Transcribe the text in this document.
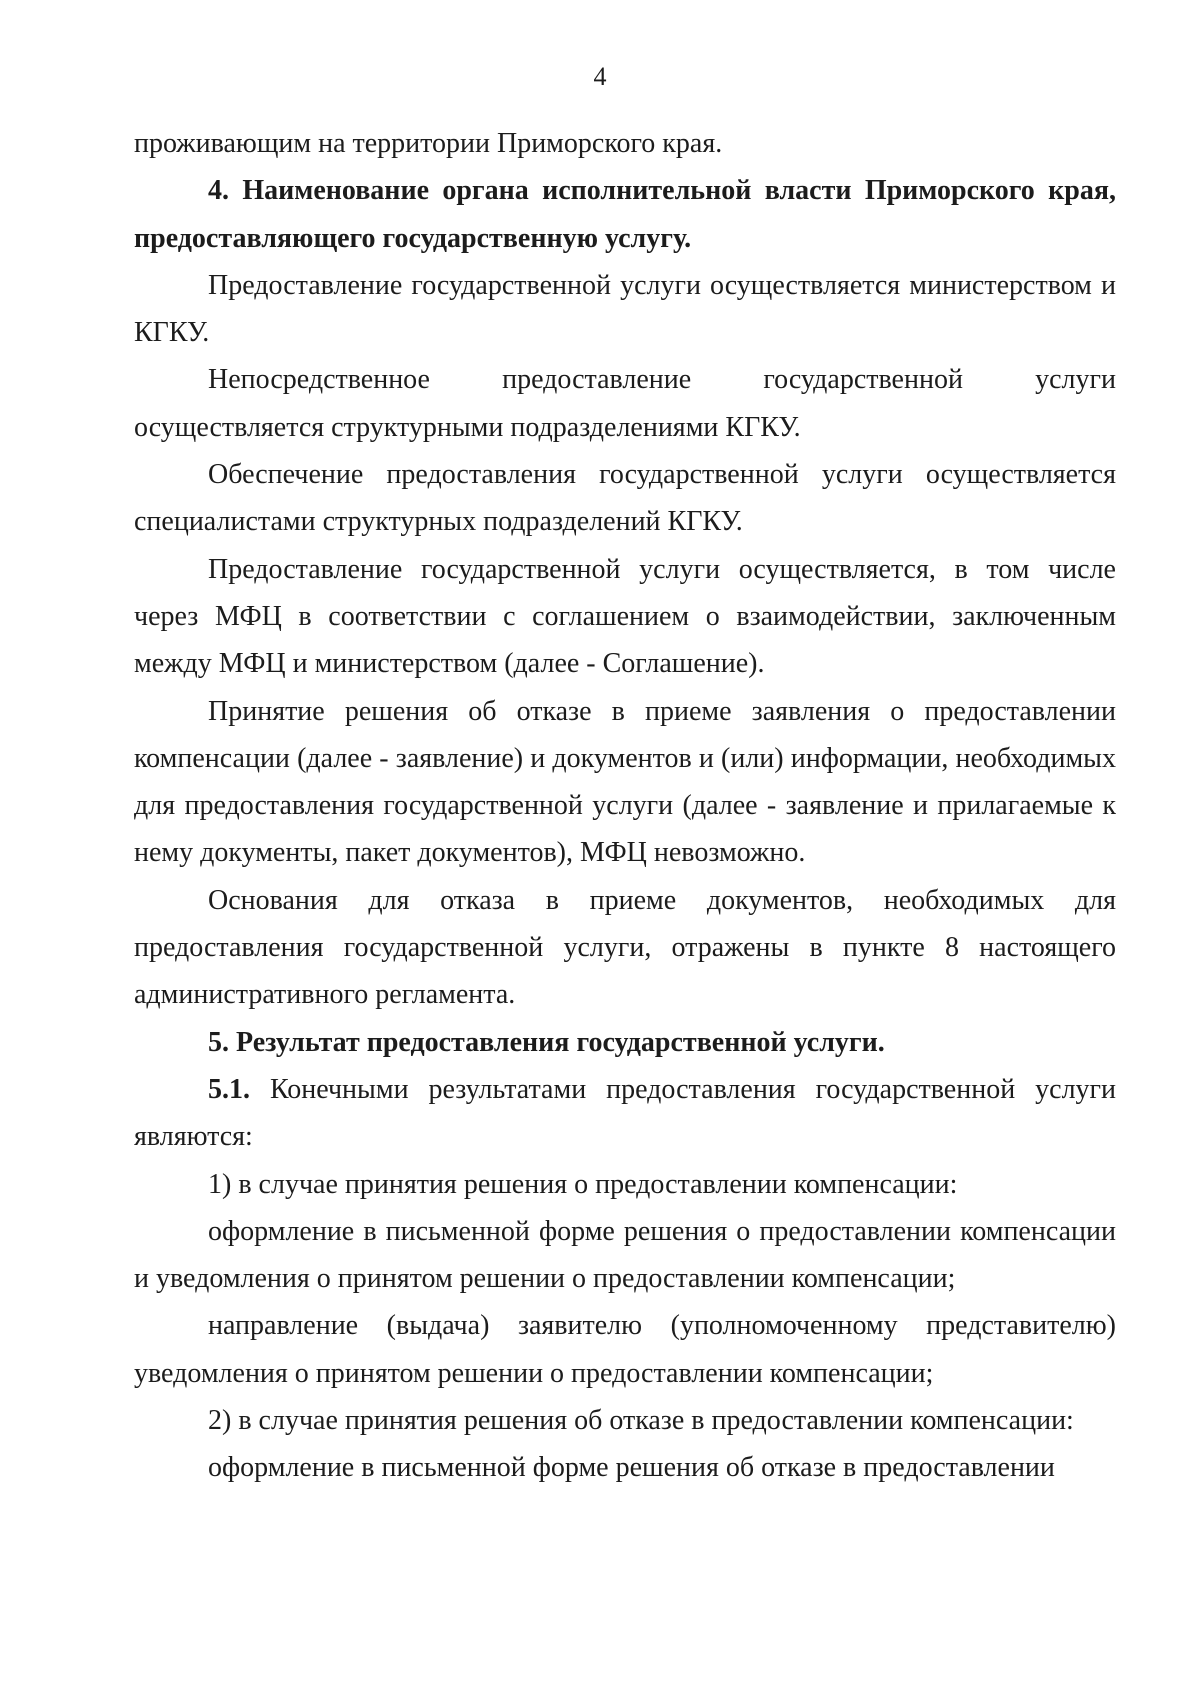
4

проживающим на территории Приморского края.

4. Наименование органа исполнительной власти Приморского края, предоставляющего государственную услугу.

Предоставление государственной услуги осуществляется министерством и КГКУ.

Непосредственное предоставление государственной услуги осуществляется структурными подразделениями КГКУ.

Обеспечение предоставления государственной услуги осуществляется специалистами структурных подразделений КГКУ.

Предоставление государственной услуги осуществляется, в том числе через МФЦ в соответствии с соглашением о взаимодействии, заключенным между МФЦ и министерством (далее - Соглашение).

Принятие решения об отказе в приеме заявления о предоставлении компенсации (далее - заявление) и документов и (или) информации, необходимых для предоставления государственной услуги (далее - заявление и прилагаемые к нему документы, пакет документов), МФЦ невозможно.

Основания для отказа в приеме документов, необходимых для предоставления государственной услуги, отражены в пункте 8 настоящего административного регламента.

5. Результат предоставления государственной услуги.

5.1. Конечными результатами предоставления государственной услуги являются:

1) в случае принятия решения о предоставлении компенсации:

оформление в письменной форме решения о предоставлении компенсации и уведомления о принятом решении о предоставлении компенсации;

направление (выдача) заявителю (уполномоченному представителю) уведомления о принятом решении о предоставлении компенсации;

2) в случае принятия решения об отказе в предоставлении компенсации:

оформление в письменной форме решения об отказе в предоставлении
